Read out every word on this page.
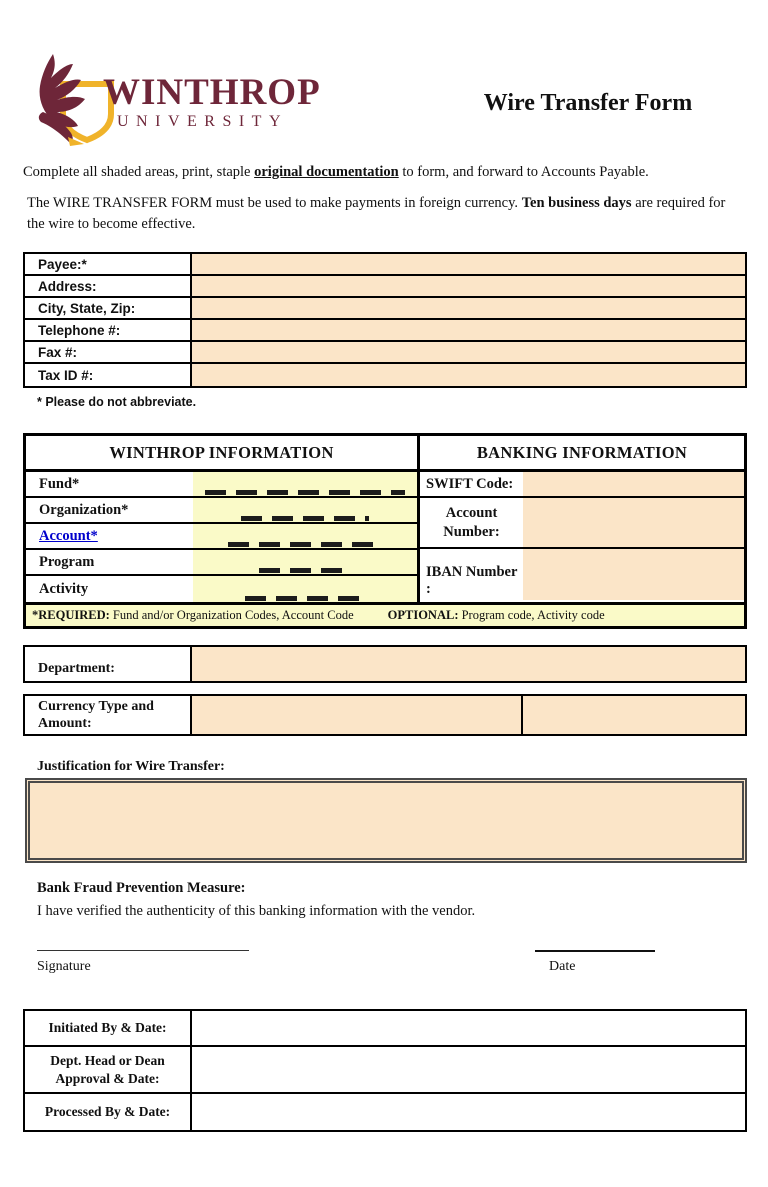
WINTHROP
UNIVERSITY
Wire Transfer Form

Complete all shaded areas, print, staple original documentation to form, and forward to Accounts Payable.

The WIRE TRANSFER FORM must be used to make payments in foreign currency. Ten business days are required for the wire to become effective.

Payee:*
Address:
City, State, Zip:
Telephone #:
Fax #:
Tax ID #:
* Please do not abbreviate.
WINTHROP INFORMATION
Fund*
Organization*
Account*
Program
Activity
BANKING INFORMATION
SWIFT Code:
Account Number:
IBAN Number :
*REQUIRED: Fund and/or Organization Codes, Account Code	OPTIONAL: Program code, Activity code
Department:
Currency Type and Amount:
Justification for Wire Transfer:
Bank Fraud Prevention Measure:
I have verified the authenticity of this banking information with the vendor.
Signature	Date
Initiated By & Date:
Dept. Head or Dean Approval & Date:
Processed By & Date:
